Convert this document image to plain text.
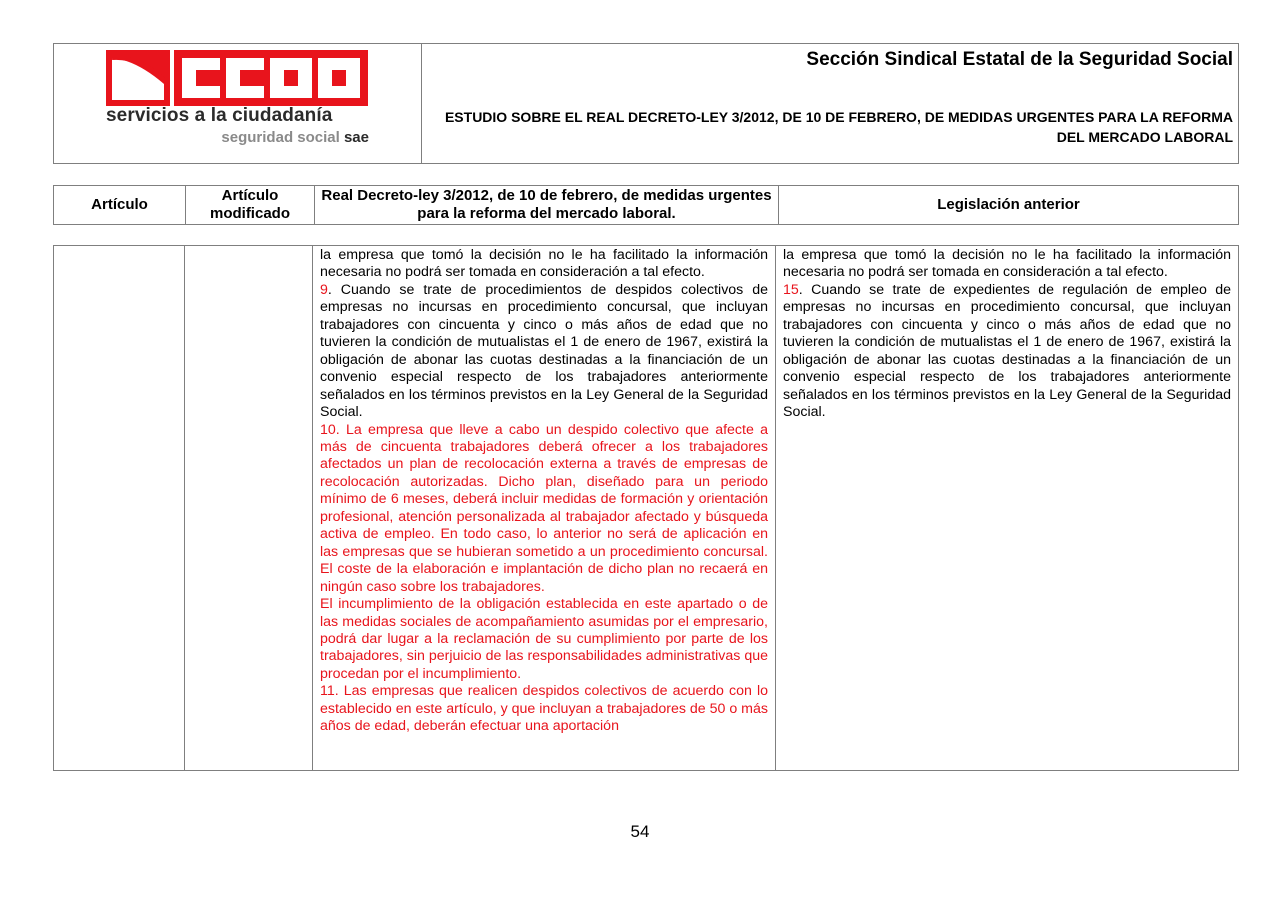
servicios a la ciudadanía
seguridad social sae
Sección Sindical Estatal de la Seguridad Social
ESTUDIO SOBRE EL REAL DECRETO-LEY 3/2012, DE 10 DE FEBRERO, DE MEDIDAS URGENTES PARA LA REFORMA DEL MERCADO LABORAL
Artículo
Artículo modificado
Real Decreto-ley 3/2012, de 10 de febrero, de medidas urgentes para la reforma del mercado laboral.
Legislación anterior

la empresa que tomó la decisión no le ha facilitado la información necesaria no podrá ser tomada en consideración a tal efecto.

9. Cuando se trate de procedimientos de despidos colectivos de empresas no incursas en procedimiento concursal, que incluyan trabajadores con cincuenta y cinco o más años de edad que no tuvieren la condición de mutualistas el 1 de enero de 1967, existirá la obligación de abonar las cuotas destinadas a la financiación de un convenio especial respecto de los trabajadores anteriormente señalados en los términos previstos en la Ley General de la Seguridad Social.

10. La empresa que lleve a cabo un despido colectivo que afecte a más de cincuenta trabajadores deberá ofrecer a los trabajadores afectados un plan de recolocación externa a través de empresas de recolocación autorizadas. Dicho plan, diseñado para un periodo mínimo de 6 meses, deberá incluir medidas de formación y orientación profesional, atención personalizada al trabajador afectado y búsqueda activa de empleo. En todo caso, lo anterior no será de aplicación en las empresas que se hubieran sometido a un procedimiento concursal. El coste de la elaboración e implantación de dicho plan no recaerá en ningún caso sobre los trabajadores.

El incumplimiento de la obligación establecida en este apartado o de las medidas sociales de acompañamiento asumidas por el empresario, podrá dar lugar a la reclamación de su cumplimiento por parte de los trabajadores, sin perjuicio de las responsabilidades administrativas que procedan por el incumplimiento.

11. Las empresas que realicen despidos colectivos de acuerdo con lo establecido en este artículo, y que incluyan a trabajadores de 50 o más años de edad, deberán efectuar una aportación

la empresa que tomó la decisión no le ha facilitado la información necesaria no podrá ser tomada en consideración a tal efecto.

15. Cuando se trate de expedientes de regulación de empleo de empresas no incursas en procedimiento concursal, que incluyan trabajadores con cincuenta y cinco o más años de edad que no tuvieren la condición de mutualistas el 1 de enero de 1967, existirá la obligación de abonar las cuotas destinadas a la financiación de un convenio especial respecto de los trabajadores anteriormente señalados en los términos previstos en la Ley General de la Seguridad Social.

54
